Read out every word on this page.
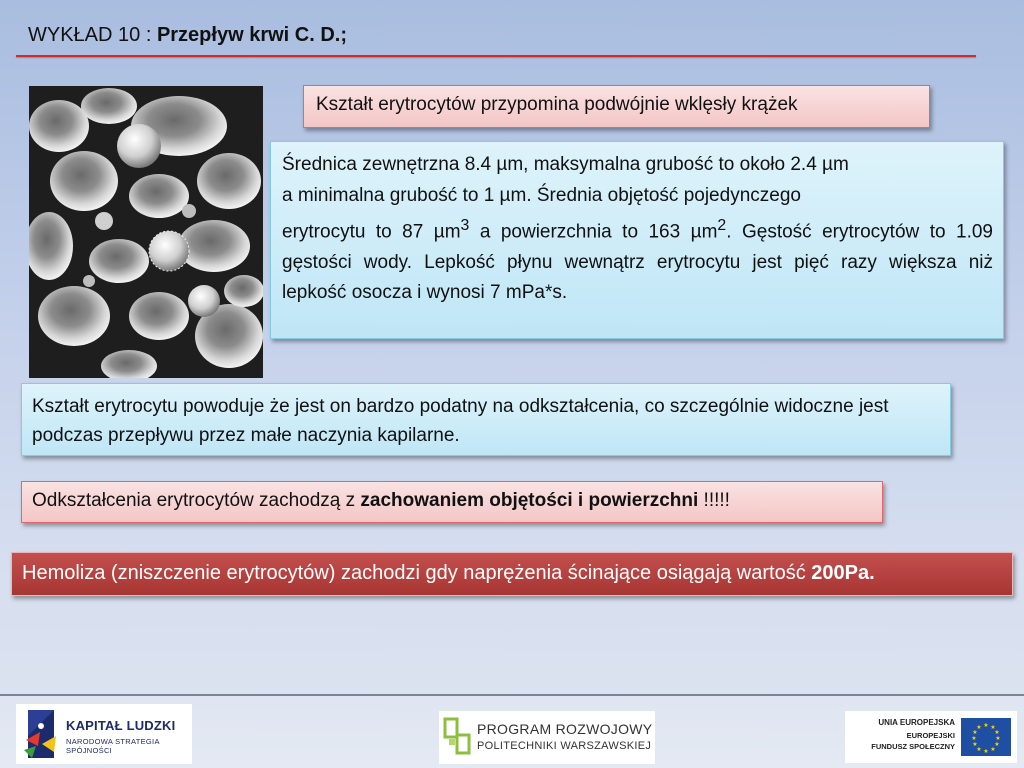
WYKŁAD 10 : Przepływ krwi C. D.;
Kształt erytrocytów przypomina podwójnie wklęsły krążek
Średnica zewnętrzna 8.4 µm, maksymalna grubość to około 2.4 µm
a minimalna grubość to 1 µm. Średnia objętość pojedynczego
erytrocytu to 87 µm$^3$ a powierzchnia to 163 µm$^2$. Gęstość erytrocytów to 1.09 gęstości wody. Lepkość płynu wewnątrz erytrocytu jest pięć razy większa niż lepkość osocza i wynosi 7 mPa*s.
Kształt erytrocytu powoduje że jest on bardzo podatny na odkształcenia, co szczególnie widoczne jest podczas przepływu przez małe naczynia kapilarne.
Odkształcenia erytrocytów zachodzą z zachowaniem objętości i powierzchni !!!!!
Hemoliza (zniszczenie erytrocytów) zachodzi gdy naprężenia ścinające osiągają wartość 200Pa.
KAPITAŁ LUDZKI
NARODOWA STRATEGIA SPÓJNOŚCI
PROGRAM ROZWOJOWY
POLITECHNIKI WARSZAWSKIEJ
UNIA EUROPEJSKA
EUROPEJSKI
FUNDUSZ SPOŁECZNY
★ ★
★
★
★
★
★
★
★
★
★
★
